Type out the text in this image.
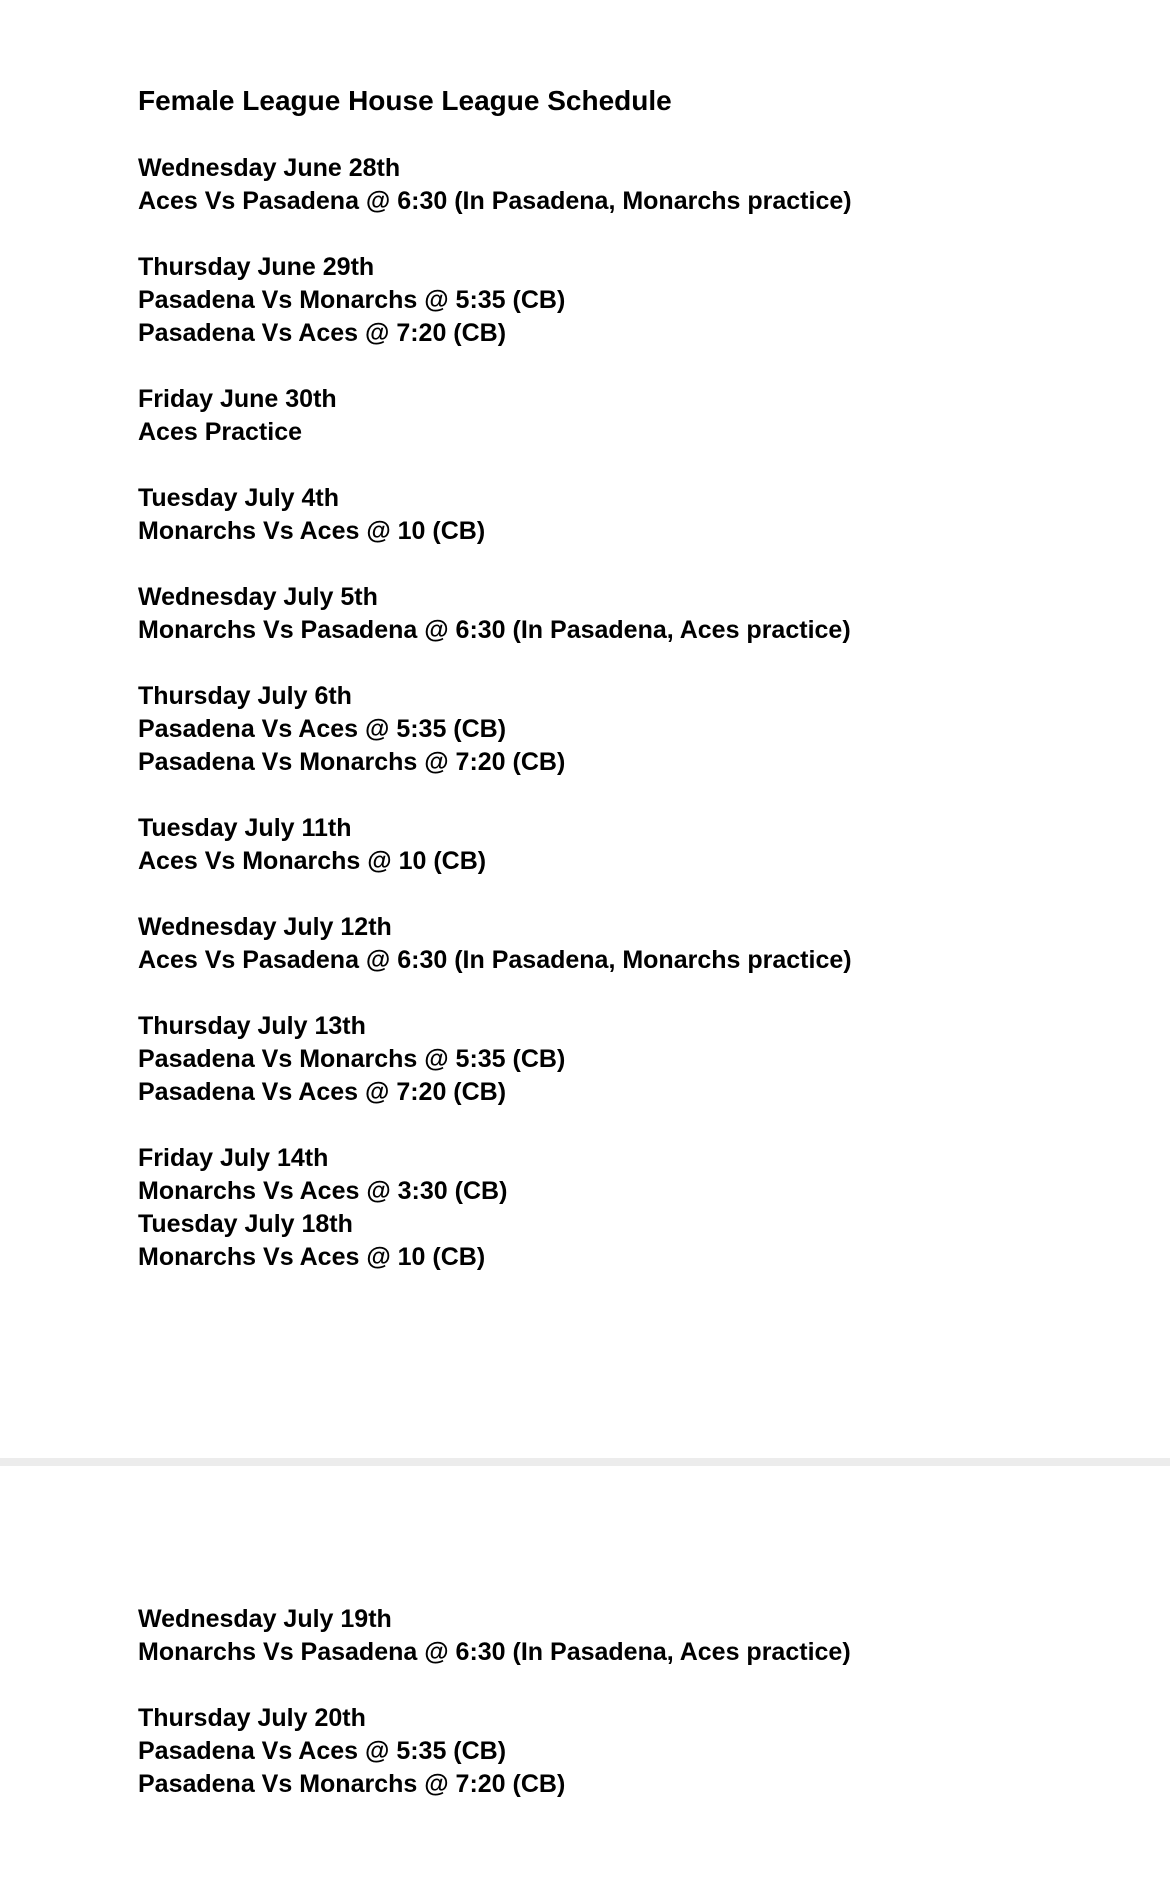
Female League House League Schedule
Wednesday June 28th
Aces Vs Pasadena @ 6:30 (In Pasadena, Monarchs practice)
Thursday June 29th
Pasadena Vs Monarchs @ 5:35 (CB)
Pasadena Vs Aces @ 7:20 (CB)
Friday June 30th
Aces Practice
Tuesday July 4th
Monarchs Vs Aces @ 10 (CB)
Wednesday July 5th
Monarchs Vs Pasadena @ 6:30 (In Pasadena, Aces practice)
Thursday July 6th
Pasadena Vs Aces @ 5:35 (CB)
Pasadena Vs Monarchs @ 7:20 (CB)
Tuesday July 11th
Aces Vs Monarchs @ 10 (CB)
Wednesday July 12th
Aces Vs Pasadena @ 6:30 (In Pasadena, Monarchs practice)
Thursday July 13th
Pasadena Vs Monarchs @ 5:35 (CB)
Pasadena Vs Aces @ 7:20 (CB)
Friday July 14th
Monarchs Vs Aces @ 3:30 (CB)
Tuesday July 18th
Monarchs Vs Aces @ 10 (CB)
Wednesday July 19th
Monarchs Vs Pasadena @ 6:30 (In Pasadena, Aces practice)
Thursday July 20th
Pasadena Vs Aces @ 5:35 (CB)
Pasadena Vs Monarchs @ 7:20 (CB)
